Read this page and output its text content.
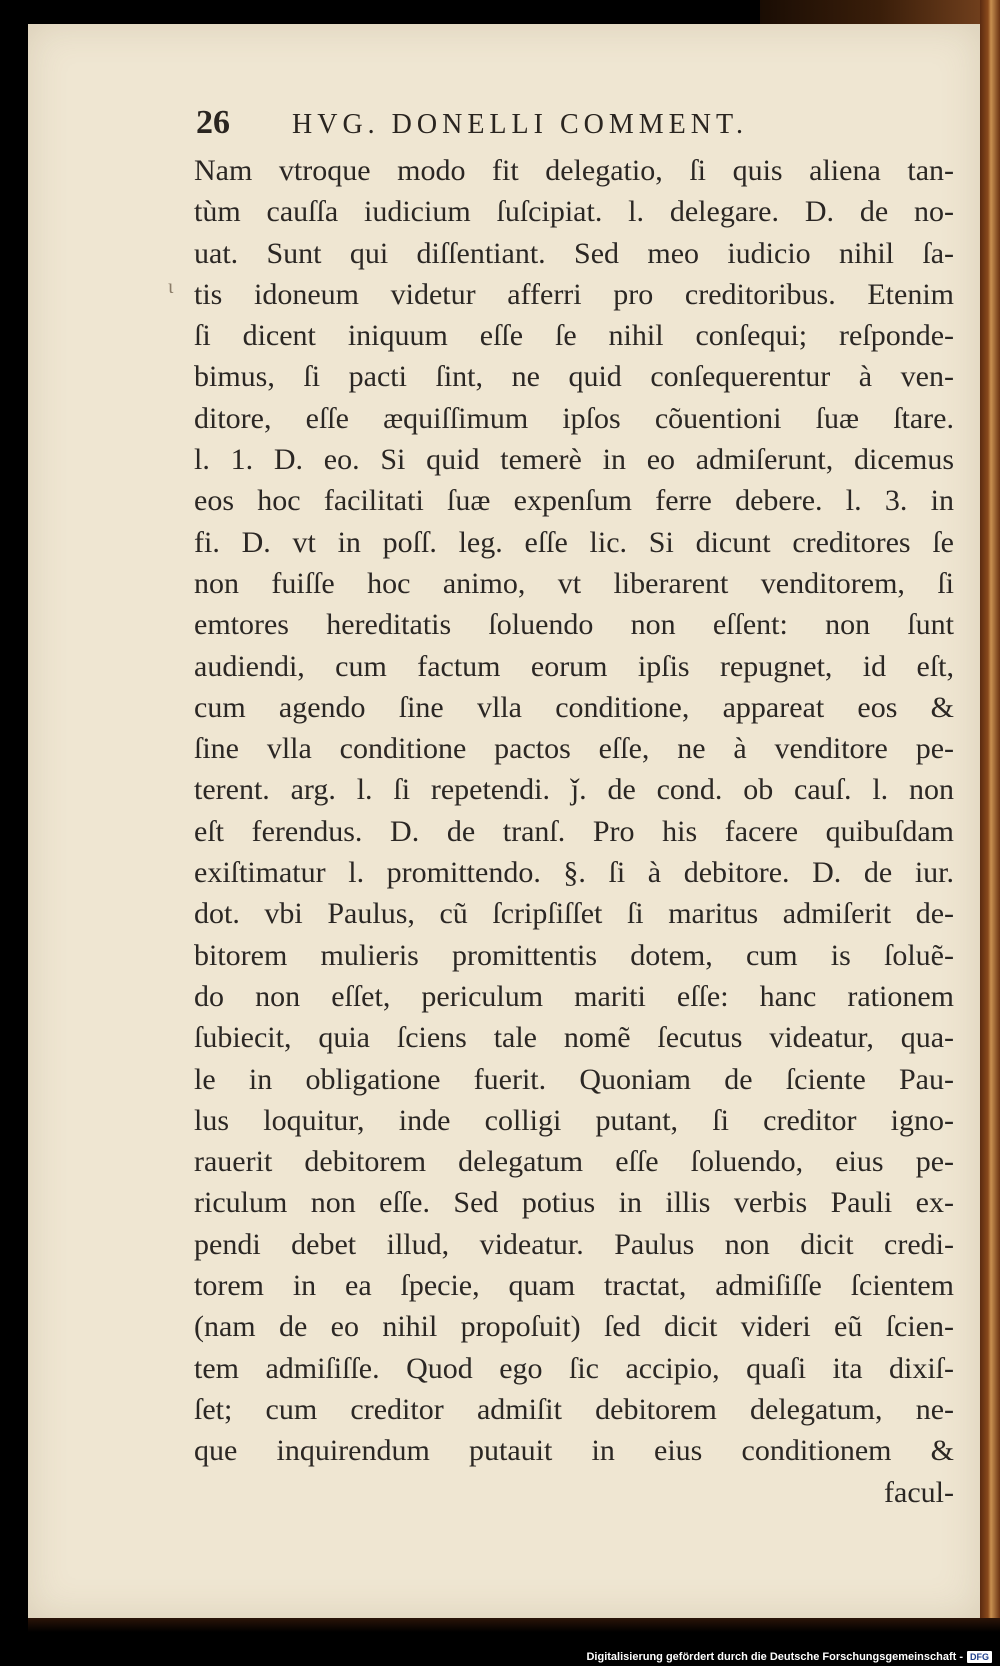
26	HVG. DONELLI COMMENT.
ι
Nam vtroque modo fit delegatio, ſi quis aliena tan-
tùm cauſſa iudicium ſuſcipiat. l. delegare. D. de no-
uat. Sunt qui diſſentiant. Sed meo iudicio nihil ſa-
tis idoneum videtur afferri pro creditoribus. Etenim
ſi dicent iniquum eſſe ſe nihil conſequi; reſponde-
bimus, ſi pacti ſint, ne quid conſequerentur à ven-
ditore, eſſe æquiſſimum ipſos cõuentioni ſuæ ſtare.
l. 1. D. eo. Si quid temerè in eo admiſerunt, dicemus
eos hoc facilitati ſuæ expenſum ferre debere. l. 3. in
fi. D. vt in poſſ. leg. eſſe lic. Si dicunt creditores ſe
non fuiſſe hoc animo, vt liberarent venditorem, ſi
emtores hereditatis ſoluendo non eſſent: non ſunt
audiendi, cum factum eorum ipſis repugnet, id eſt,
cum agendo ſine vlla conditione, appareat eos &
ſine vlla conditione pactos eſſe, ne à venditore pe-
terent. arg. l. ſi repetendi. ǰ. de cond. ob cauſ. l. non
eſt ferendus. D. de tranſ. Pro his facere quibuſdam
exiſtimatur l. promittendo. §. ſi à debitore. D. de iur.
dot. vbi Paulus, cũ ſcripſiſſet ſi maritus admiſerit de-
bitorem mulieris promittentis dotem, cum is ſoluẽ-
do non eſſet, periculum mariti eſſe: hanc rationem
ſubiecit, quia ſciens tale nomẽ ſecutus videatur, qua-
le in obligatione fuerit. Quoniam de ſciente Pau-
lus loquitur, inde colligi putant, ſi creditor igno-
rauerit debitorem delegatum eſſe ſoluendo, eius pe-
riculum non eſſe. Sed potius in illis verbis Pauli ex-
pendi debet illud, videatur. Paulus non dicit credi-
torem in ea ſpecie, quam tractat, admiſiſſe ſcientem
(nam de eo nihil propoſuit) ſed dicit videri eũ ſcien-
tem admiſiſſe. Quod ego ſic accipio, quaſi ita dixiſ-
ſet; cum creditor admiſit debitorem delegatum, ne-
que inquirendum putauit in eius conditionem &
facul-
Digitalisierung gefördert durch die Deutsche Forschungsgemeinschaft - DFG
